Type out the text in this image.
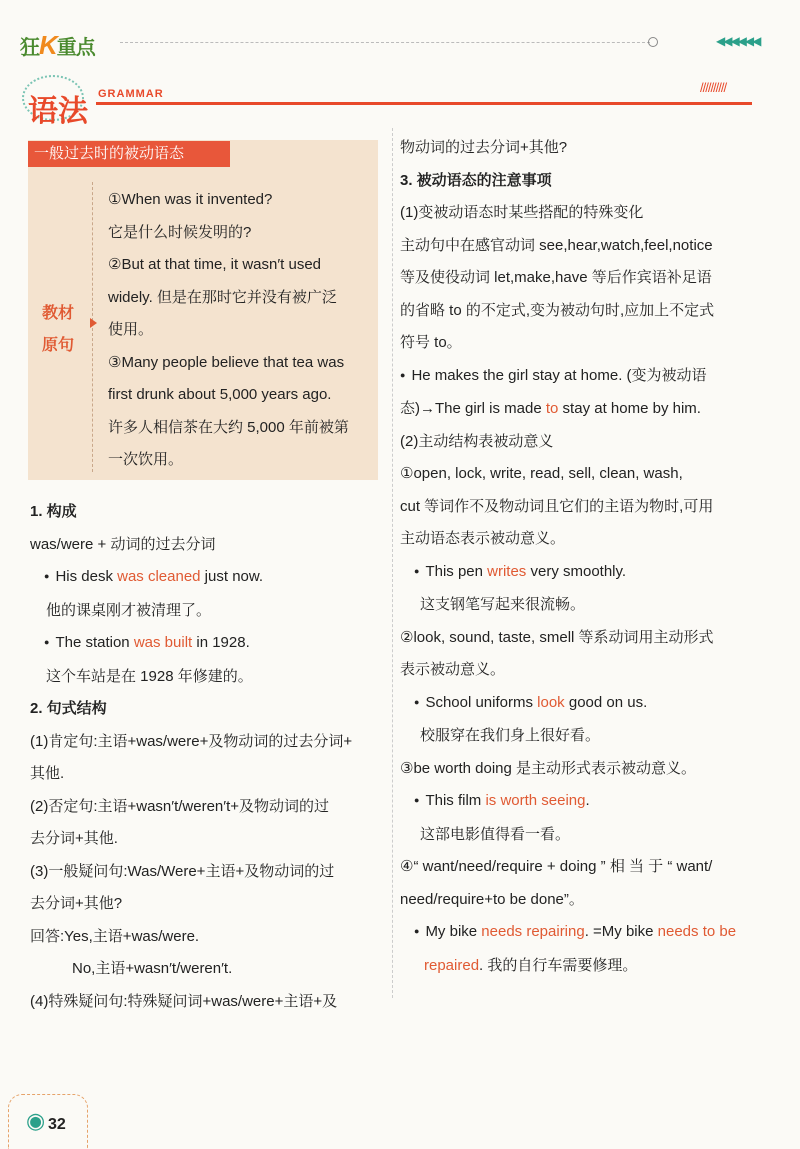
狂K重点	◀◀◀◀◀◀
语法 GRAMMAR	//////////
一般过去时的被动语态
教材
原句

①When was it invented?

它是什么时候发明的?

②But at that time, it wasn′t used

widely. 但是在那时它并没有被广泛

使用。

③Many people believe that tea was

first drunk about 5,000 years ago.

许多人相信茶在大约 5,000 年前被第

一次饮用。

1. 构成

was/were + 动词的过去分词

● His desk was cleaned just now.

他的课桌刚才被清理了。

● The station was built in 1928.

这个车站是在 1928 年修建的。

2. 句式结构

(1)肯定句:主语+was/were+及物动词的过去分词+

其他.

(2)否定句:主语+wasn′t/weren′t+及物动词的过

去分词+其他.

(3)一般疑问句:Was/Were+主语+及物动词的过

去分词+其他?

回答:Yes,主语+was/were.

No,主语+wasn′t/weren′t.

(4)特殊疑问句:特殊疑问词+was/were+主语+及

物动词的过去分词+其他?

3. 被动语态的注意事项

(1)变被动语态时某些搭配的特殊变化

主动句中在感官动词 see,hear,watch,feel,notice

等及使役动词 let,make,have 等后作宾语补足语

的省略 to 的不定式,变为被动句时,应加上不定式

符号 to。

● He makes the girl stay at home. (变为被动语

态)→The girl is made to stay at home by him.

(2)主动结构表被动意义

①open, lock, write, read, sell, clean, wash,

cut 等词作不及物动词且它们的主语为物时,可用

主动语态表示被动意义。

● This pen writes very smoothly.

这支钢笔写起来很流畅。

②look, sound, taste, smell 等系动词用主动形式

表示被动意义。

● School uniforms look good on us.

校服穿在我们身上很好看。

③be worth doing 是主动形式表示被动意义。

● This film is worth seeing.

这部电影值得看一看。

④“ want/need/require + doing ” 相 当 于 “ want/

need/require+to be done”。

● My bike needs repairing. =My bike needs to be

repaired. 我的自行车需要修理。

◉ 32
